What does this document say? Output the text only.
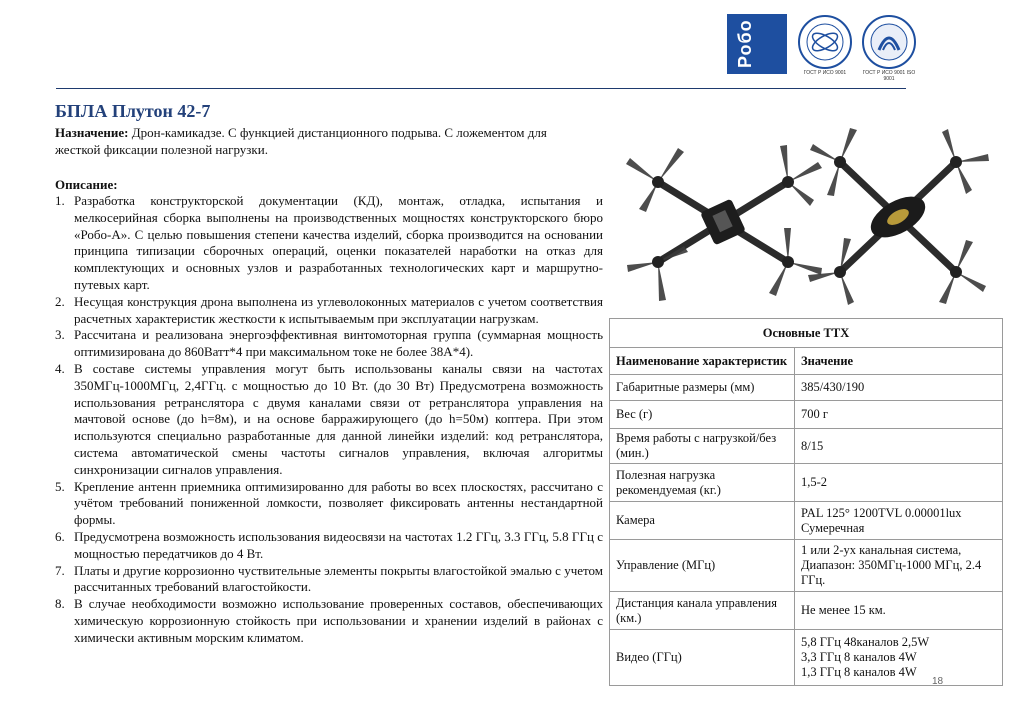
Робо
ГОСТ Р ИСО 9001	ГОСТ Р ИСО 9001 ISO 9001
БПЛА Плутон 42-7
Назначение: Дрон-камикадзе. С функцией дистанционного подрыва. С ложементом для жесткой фиксации полезной нагрузки.
Описание:
1. Разработка конструкторской документации (КД), монтаж, отладка, испытания и мелкосерийная сборка выполнены на производственных мощностях конструкторского бюро «Робо-А». С целью повышения степени качества изделий, сборка производится на основании принципа типизации сборочных операций, оценки показателей наработки на отказ для комплектующих и основных узлов и разработанных технологических карт и маршрутно-путевых карт.
2. Несущая конструкция дрона выполнена из углеволоконных материалов с учетом соответствия расчетных характеристик жесткости к испытываемым при эксплуатации нагрузкам.
3. Рассчитана и реализована энергоэффективная винтомоторная группа (суммарная мощность оптимизирована до 860Ватт*4 при максимальном токе не более 38А*4).
4. В составе системы управления могут быть использованы каналы связи на частотах 350МГц-1000МГц, 2,4ГГц. с мощностью до 10 Вт. (до 30 Вт) Предусмотрена возможность использования ретранслятора с двумя каналами связи от ретранслятора управления на мачтовой основе (до h=8м), и на основе барражирующего (до h=50м) коптера. При этом используются специально разработанные для данной линейки изделий: код ретранслятора, система автоматической смены частоты сигналов управления, включая алгоритмы синхронизации сигналов управления.
5. Крепление антенн приемника оптимизированно для работы во всех плоскостях, рассчитано с учётом требований пониженной ломкости, позволяет фиксировать антенны нестандартной формы.
6. Предусмотрена возможность использования видеосвязи на частотах 1.2 ГГц, 3.3 ГГц, 5.8 ГГц с мощностью передатчиков до 4 Вт.
7. Платы и другие коррозионно чуствительные элементы покрыты влагостойкой эмалью с учетом рассчитанных требований влагостойкости.
8. В случае необходимости возможно использование проверенных составов, обеспечивающих химическую коррозионную стойкость при использовании и хранении изделий в районах с химически активным морским климатом.
Основные ТТХ	
Наименование характеристик	Значение
Габаритные размеры (мм)	385/430/190
Вес (г)	700 г
Время работы с нагрузкой/без (мин.)	8/15
Полезная нагрузка рекомендуемая (кг.)	1,5-2
Камера	PAL 125° 1200TVL 0.00001lux Сумеречная
Управление (МГц)	1 или 2-ух канальная система, Диапазон: 350МГц-1000 МГц, 2.4 ГГц.
Дистанция канала управления (км.)	Не менее 15 км.
Видео (ГГц)	5,8 ГГц 48каналов 2,5W
3,3 ГГц 8 каналов 4W
1,3 ГГц 8 каналов 4W
18
